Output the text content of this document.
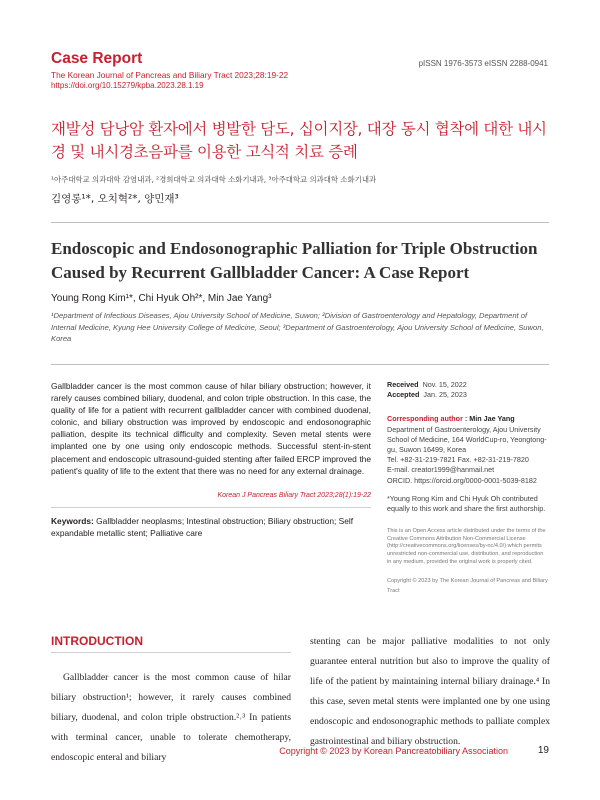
Case Report
The Korean Journal of Pancreas and Biliary Tract 2023;28:19-22
https://doi.org/10.15279/kpba.2023.28.1.19
pISSN 1976-3573 eISSN 2288-0941
재발성 담낭암 환자에서 병발한 담도, 십이지장, 대장 동시 협착에 대한 내시경 및 내시경초음파를 이용한 고식적 치료 증례
¹아주대학교 의과대학 감염내과, ²경희대학교 의과대학 소화기내과, ³아주대학교 의과대학 소화기내과
김영롱¹*, 오치혁²*, 양민재³
Endoscopic and Endosonographic Palliation for Triple Obstruction Caused by Recurrent Gallbladder Cancer: A Case Report
Young Rong Kim¹*, Chi Hyuk Oh²*, Min Jae Yang³
¹Department of Infectious Diseases, Ajou University School of Medicine, Suwon; ²Division of Gastroenterology and Hepatology, Department of Internal Medicine, Kyung Hee University College of Medicine, Seoul; ³Department of Gastroenterology, Ajou University School of Medicine, Suwon, Korea
Gallbladder cancer is the most common cause of hilar biliary obstruction; however, it rarely causes combined biliary, duodenal, and colon triple obstruction. In this case, the quality of life for a patient with recurrent gallbladder cancer with combined duodenal, colonic, and biliary obstruction was improved by endoscopic and endosonographic palliation, despite its technical difficulty and complexity. Seven metal stents were implanted one by one using only endoscopic methods. Successful stent-in-stent placement and endoscopic ultrasound-guided stenting after failed ERCP improved the patient's quality of life to the extent that there was no need for any external drainage.
Korean J Pancreas Biliary Tract 2023;28(1):19-22
Keywords: Gallbladder neoplasms; Intestinal obstruction; Biliary obstruction; Self expandable metallic stent; Palliative care
Received Nov. 15, 2022
Accepted Jan. 25, 2023
Corresponding author : Min Jae Yang
Department of Gastroenterology, Ajou University School of Medicine, 164 WorldCup-ro, Yeongtong-gu, Suwon 16499, Korea
Tel. +82-31-219-7821 Fax. +82-31-219-7820
E-mail. creator1999@hanmail.net
ORCID. https://orcid.org/0000-0001-5039-8182
*Young Rong Kim and Chi Hyuk Oh contributed equally to this work and share the first authorship.
This is an Open Access article distributed under the terms of the Creative Commons Attribution Non-Commercial License (http://creativecommons.org/licenses/by-nc/4.0/) which permits unrestricted non-commercial use, distribution, and reproduction in any medium, provided the original work is properly cited.
Copyright © 2023 by The Korean Journal of Pancreas and Biliary Tract
INTRODUCTION
Gallbladder cancer is the most common cause of hilar biliary obstruction¹; however, it rarely causes combined biliary, duodenal, and colon triple obstruction.²˒³ In patients with terminal cancer, unable to tolerate chemotherapy, endoscopic enteral and biliary
stenting can be major palliative modalities to not only guarantee enteral nutrition but also to improve the quality of life of the patient by maintaining internal biliary drainage.⁴ In this case, seven metal stents were implanted one by one using endoscopic and endosonographic methods to palliate complex gastrointestinal and biliary obstruction.
Copyright © 2023 by Korean Pancreatobiliary Association	19
